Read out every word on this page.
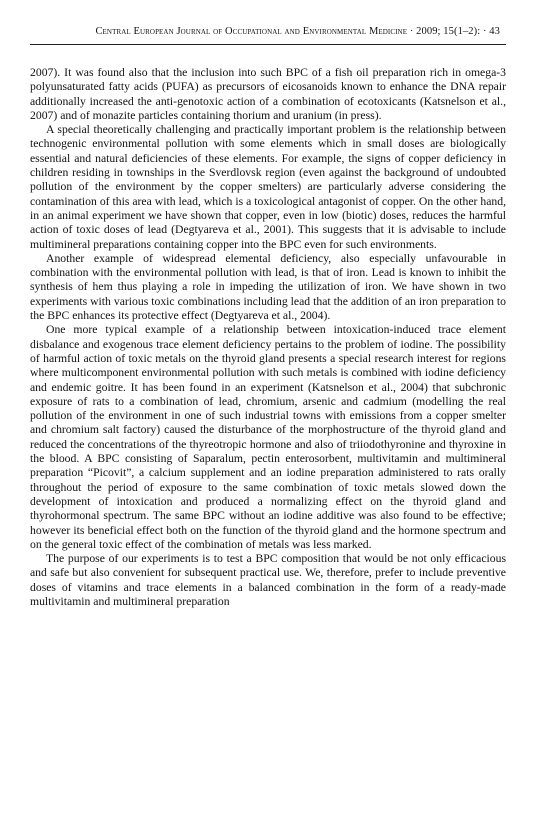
Central European Journal of Occupational and Environmental Medicine · 2009; 15(1–2): · 43

2007). It was found also that the inclusion into such BPC of a fish oil preparation rich in omega-3 polyunsaturated fatty acids (PUFA) as precursors of eicosanoids known to enhance the DNA repair additionally increased the anti-genotoxic action of a combination of ecotoxicants (Katsnelson et al., 2007) and of monazite particles containing thorium and uranium (in press).

A special theoretically challenging and practically important problem is the relationship between technogenic environmental pollution with some elements which in small doses are biologically essential and natural deficiencies of these elements. For example, the signs of copper deficiency in children residing in townships in the Sverdlovsk region (even against the background of undoubted pollution of the environment by the copper smelters) are particularly adverse considering the contamination of this area with lead, which is a toxicological antagonist of copper. On the other hand, in an animal experiment we have shown that copper, even in low (biotic) doses, reduces the harmful action of toxic doses of lead (Degtyareva et al., 2001). This suggests that it is advisable to include multimineral preparations containing copper into the BPC even for such environments.

Another example of widespread elemental deficiency, also especially unfavourable in combination with the environmental pollution with lead, is that of iron. Lead is known to inhibit the synthesis of hem thus playing a role in impeding the utilization of iron. We have shown in two experiments with various toxic combinations including lead that the addition of an iron preparation to the BPC enhances its protective effect (Degtyareva et al., 2004).

One more typical example of a relationship between intoxication-induced trace element disbalance and exogenous trace element deficiency pertains to the problem of iodine. The possibility of harmful action of toxic metals on the thyroid gland presents a special research interest for regions where multicomponent environmental pollution with such metals is combined with iodine deficiency and endemic goitre. It has been found in an experiment (Katsnelson et al., 2004) that subchronic exposure of rats to a combination of lead, chromium, arsenic and cadmium (modelling the real pollution of the environment in one of such industrial towns with emissions from a copper smelter and chromium salt factory) caused the disturbance of the morphostructure of the thyroid gland and reduced the concentrations of the thyreotropic hormone and also of triiodothyronine and thyroxine in the blood. A BPC consisting of Saparalum, pectin enterosorbent, multivitamin and multimineral preparation “Picovit”, a calcium supplement and an iodine preparation administered to rats orally throughout the period of exposure to the same combination of toxic metals slowed down the development of intoxication and produced a normalizing effect on the thyroid gland and thyrohormonal spectrum. The same BPC without an iodine additive was also found to be effective; however its beneficial effect both on the function of the thyroid gland and the hormone spectrum and on the general toxic effect of the combination of metals was less marked.

The purpose of our experiments is to test a BPC composition that would be not only efficacious and safe but also convenient for subsequent practical use. We, therefore, prefer to include preventive doses of vitamins and trace elements in a balanced combination in the form of a ready-made multivitamin and multimineral preparation
